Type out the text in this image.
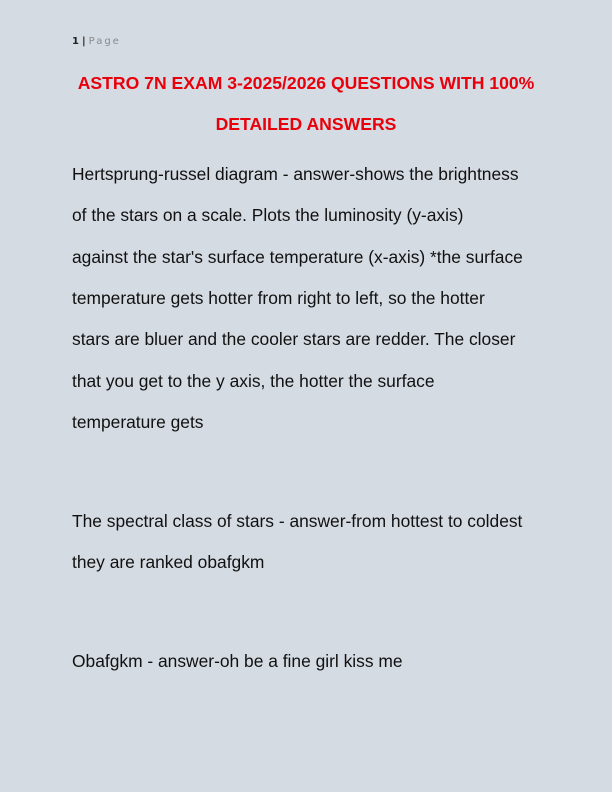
1 | Page
ASTRO 7N EXAM 3-2025/2026 QUESTIONS WITH 100%
DETAILED ANSWERS
Hertsprung-russel diagram - answer-shows the brightness
of the stars on a scale. Plots the luminosity (y-axis)
against the star's surface temperature (x-axis) *the surface
temperature gets hotter from right to left, so the hotter
stars are bluer and the cooler stars are redder. The closer
that you get to the y axis, the hotter the surface
temperature gets
The spectral class of stars - answer-from hottest to coldest
they are ranked obafgkm
Obafgkm - answer-oh be a fine girl kiss me
